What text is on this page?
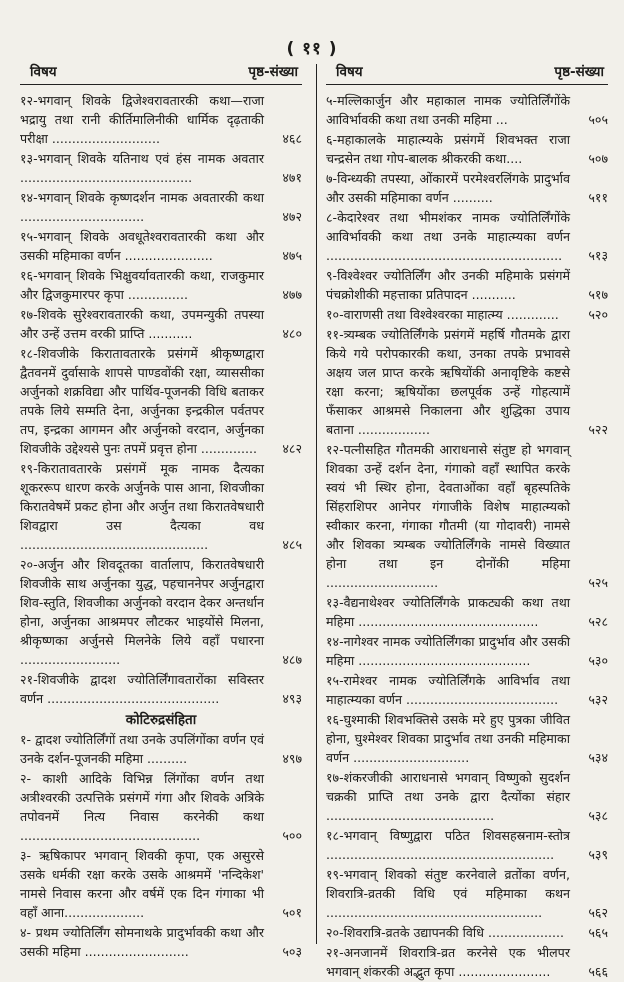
( ११ )
विषय	पृष्ठ-संख्या
१२-भगवान् शिवके द्विजेश्वरावतारकी कथा—राजा भद्रायु तथा रानी कीर्तिमालिनीकी धार्मिक दृढ़ताकी परीक्षा ...........................	४६८
१३-भगवान् शिवके यतिनाथ एवं हंस नामक अवतार ...........................................	४७१
१४-भगवान् शिवके कृष्णदर्शन नामक अवतारकी कथा ...............................	४७२
१५-भगवान् शिवके अवधूतेश्वरावतारकी कथा और उसकी महिमाका वर्णन ......................	४७५
१६-भगवान् शिवके भिक्षुवर्यावतारकी कथा, राजकुमार और द्विजकुमारपर कृपा ...............	४७७
१७-शिवके सुरेश्वरावतारकी कथा, उपमन्युकी तपस्या और उन्हें उत्तम वरकी प्राप्ति ...........	४८०
१८-शिवजीके किरातावतारके प्रसंगमें श्रीकृष्णद्वारा द्वैतवनमें दुर्वासाके शापसे पाण्डवोंकी रक्षा, व्याससीका अर्जुनको शक्रविद्या और पार्थिव-पूजनकी विधि बताकर तपके लिये सम्मति देना, अर्जुनका इन्द्रकील पर्वतपर तप, इन्द्रका आगमन और अर्जुनको वरदान, अर्जुनका शिवजीके उद्देश्यसे पुनः तपमें प्रवृत्त होना ..............	४८२
१९-किरातावतारके प्रसंगमें मूक नामक दैत्यका शूकररूप धारण करके अर्जुनके पास आना, शिवजीका किरातवेषमें प्रकट होना और अर्जुन तथा किरातवेषधारी शिवद्वारा उस दैत्यका वध ...............................................	४८५
२०-अर्जुन और शिवदूतका वार्तालाप, किरातवेषधारी शिवजीके साथ अर्जुनका युद्ध, पहचाननेपर अर्जुनद्वारा शिव-स्तुति, शिवजीका अर्जुनको वरदान देकर अन्तर्धान होना, अर्जुनका आश्रमपर लौटकर भाइयोंसे मिलना, श्रीकृष्णका अर्जुनसे मिलनेके लिये वहाँ पधारना .........................	४८७
२१-शिवजीके द्वादश ज्योतिर्लिंगावतारोंका सविस्तर वर्णन ...........................................	४९३
कोटिरुद्रसंहिता
१- द्वादश ज्योतिर्लिंगों तथा उनके उपलिंगोंका वर्णन एवं उनके दर्शन-पूजनकी महिमा ..........	४९७
२- काशी आदिके विभिन्न लिंगोंका वर्णन तथा अत्रीश्वरकी उत्पत्तिके प्रसंगमें गंगा और शिवके अत्रिके तपोवनमें नित्य निवास करनेकी कथा .............................................	५००
३- ऋषिकापर भगवान् शिवकी कृपा, एक असुरसे उसके धर्मकी रक्षा करके उसके आश्रममें 'नन्दिकेश' नामसे निवास करना और वर्षमें एक दिन गंगाका भी वहाँ आना....................	५०१
४- प्रथम ज्योतिर्लिंग सोमनाथके प्रादुर्भावकी कथा और उसकी महिमा ..........................	५०३
विषय	पृष्ठ-संख्या
५-मल्लिकार्जुन और महाकाल नामक ज्योतिर्लिंगोंके आविर्भावकी कथा तथा उनकी महिमा ...	५०५
६-महाकालके माहात्म्यके प्रसंगमें शिवभक्त राजा चन्द्रसेन तथा गोप-बालक श्रीकरकी कथा....	५०७
७-विन्ध्यकी तपस्या, ओंकारमें परमेश्वरलिंगके प्रादुर्भाव और उसकी महिमाका वर्णन ..........	५११
८-केदारेश्वर तथा भीमशंकर नामक ज्योतिर्लिंगोंके आविर्भावकी कथा तथा उनके माहात्म्यका वर्णन ...........................................................	५१३
९-विश्वेश्वर ज्योतिर्लिंग और उनकी महिमाके प्रसंगमें पंचक्रोशीकी महत्ताका प्रतिपादन ...........	५१७
१०-वाराणसी तथा विश्वेश्वरका माहात्म्य .............	५२०
११-त्र्यम्बक ज्योतिर्लिंगके प्रसंगमें महर्षि गौतमके द्वारा किये गये परोपकारकी कथा, उनका तपके प्रभावसे अक्षय जल प्राप्त करके ऋषियोंकी अनावृष्टिके कष्टसे रक्षा करना; ऋषियोंका छलपूर्वक उन्हें गोहत्यामें फँसाकर आश्रमसे निकालना और शुद्धिका उपाय बताना ..................	५२२
१२-पत्नीसहित गौतमकी आराधनासे संतुष्ट हो भगवान् शिवका उन्हें दर्शन देना, गंगाको वहाँ स्थापित करके स्वयं भी स्थिर होना, देवताओंका वहाँ बृहस्पतिके सिंहराशिपर आनेपर गंगाजीके विशेष माहात्म्यको स्वीकार करना, गंगाका गौतमी (या गोदावरी) नामसे और शिवका त्र्यम्बक ज्योतिर्लिंगके नामसे विख्यात होना तथा इन दोनोंकी महिमा ............................	५२५
१३-वैद्यनाथेश्वर ज्योतिर्लिंगके प्राकट्यकी कथा तथा महिमा .............................................	५२८
१४-नागेश्वर नामक ज्योतिर्लिंगका प्रादुर्भाव और उसकी महिमा ...........................................	५३०
१५-रामेश्वर नामक ज्योतिर्लिंगके आविर्भाव तथा माहात्म्यका वर्णन ......................................	५३२
१६-घुश्माकी शिवभक्तिसे उसके मरे हुए पुत्रका जीवित होना, घुश्मेश्वर शिवका प्रादुर्भाव तथा उनकी महिमाका वर्णन .............................	५३४
१७-शंकरजीकी आराधनासे भगवान् विष्णुको सुदर्शन चक्रकी प्राप्ति तथा उनके द्वारा दैत्योंका संहार ..........................................	५३८
१८-भगवान् विष्णुद्वारा पठित शिवसहस्रनाम-स्तोत्र .........................................................	५३९
१९-भगवान् शिवको संतुष्ट करनेवाले व्रतोंका वर्णन, शिवरात्रि-व्रतकी विधि एवं महिमाका कथन ......................................................	५६२
२०-शिवरात्रि-व्रतके उद्यापनकी विधि ...................	५६५
२१-अनजानमें शिवरात्रि-व्रत करनेसे एक भीलपर भगवान् शंकरकी अद्भुत कृपा .......................	५६६
